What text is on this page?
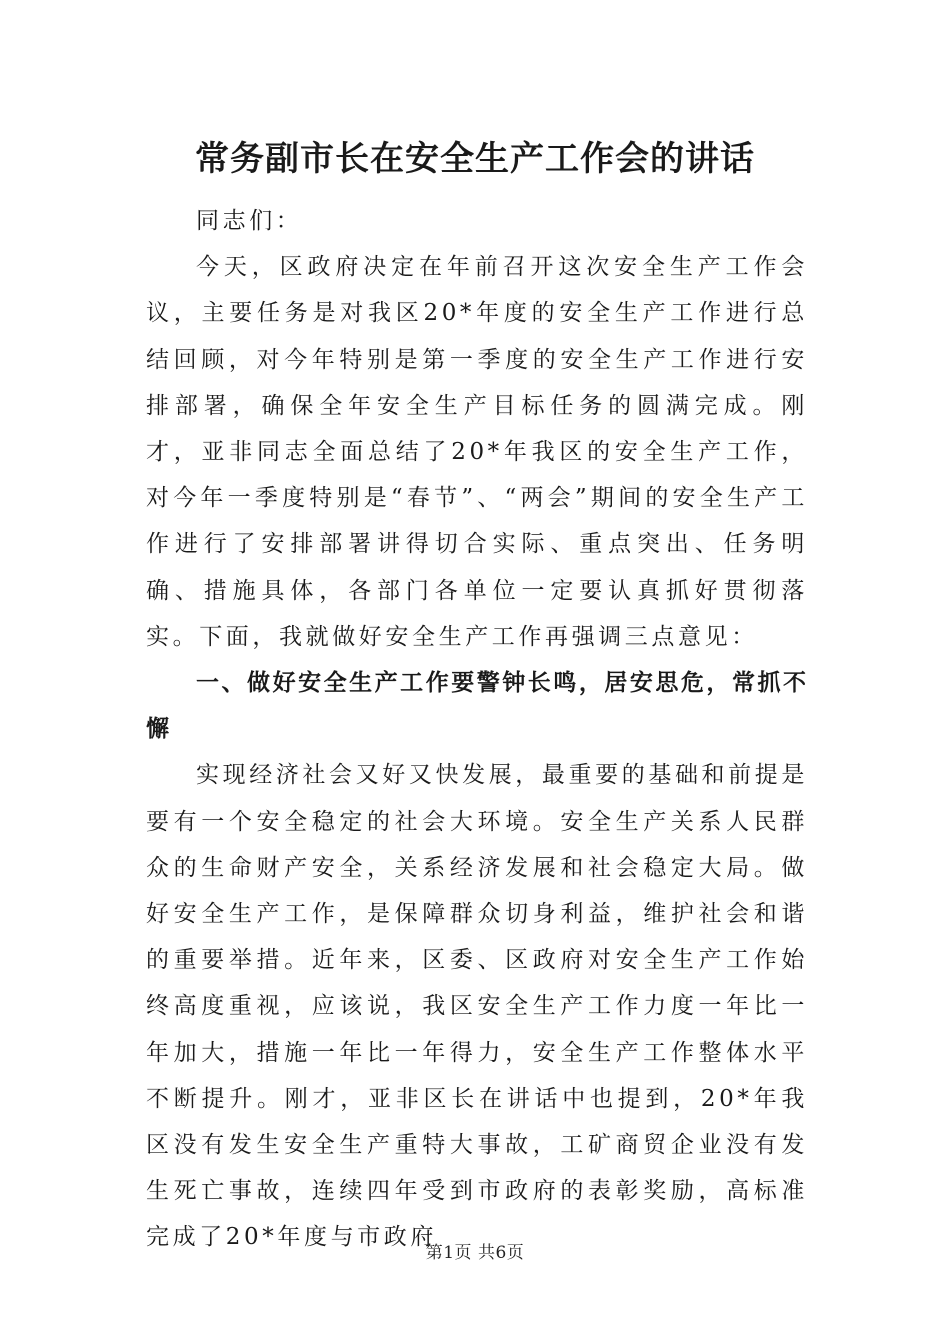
常务副市长在安全生产工作会的讲话

同志们：

今天，区政府决定在年前召开这次安全生产工作会议，主要任务是对我区20*年度的安全生产工作进行总结回顾，对今年特别是第一季度的安全生产工作进行安排部署，确保全年安全生产目标任务的圆满完成。刚才，亚非同志全面总结了20*年我区的安全生产工作，对今年一季度特别是“春节”、“两会”期间的安全生产工作进行了安排部署讲得切合实际、重点突出、任务明确、措施具体，各部门各单位一定要认真抓好贯彻落实。下面，我就做好安全生产工作再强调三点意见：

一、做好安全生产工作要警钟长鸣，居安思危，常抓不懈

实现经济社会又好又快发展，最重要的基础和前提是要有一个安全稳定的社会大环境。安全生产关系人民群众的生命财产安全，关系经济发展和社会稳定大局。做好安全生产工作，是保障群众切身利益，维护社会和谐的重要举措。近年来，区委、区政府对安全生产工作始终高度重视，应该说，我区安全生产工作力度一年比一年加大，措施一年比一年得力，安全生产工作整体水平不断提升。刚才，亚非区长在讲话中也提到，20*年我区没有发生安全生产重特大事故，工矿商贸企业没有发生死亡事故，连续四年受到市政府的表彰奖励，高标准完成了20*年度与市政府

第1页 共6页
